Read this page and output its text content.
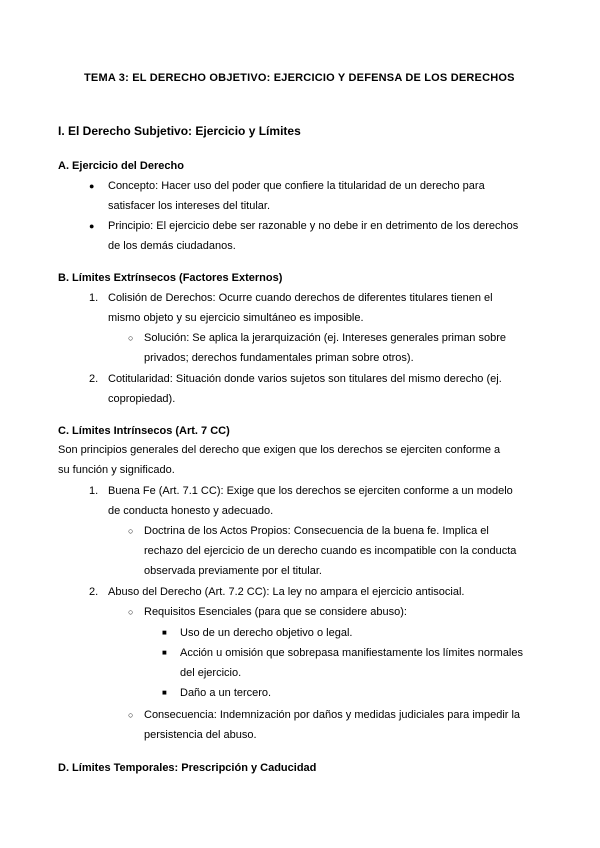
TEMA 3: EL DERECHO OBJETIVO: EJERCICIO Y DEFENSA DE LOS DERECHOS
I. El Derecho Subjetivo: Ejercicio y Límites
A. Ejercicio del Derecho
● Concepto: Hacer uso del poder que confiere la titularidad de un derecho para
satisfacer los intereses del titular.
● Principio: El ejercicio debe ser razonable y no debe ir en detrimento de los derechos
de los demás ciudadanos.
B. Límites Extrínsecos (Factores Externos)
1. Colisión de Derechos: Ocurre cuando derechos de diferentes titulares tienen el
mismo objeto y su ejercicio simultáneo es imposible.
○ Solución: Se aplica la jerarquización (ej. Intereses generales priman sobre
privados; derechos fundamentales priman sobre otros).
2. Cotitularidad: Situación donde varios sujetos son titulares del mismo derecho (ej.
copropiedad).
C. Límites Intrínsecos (Art. 7 CC)
Son principios generales del derecho que exigen que los derechos se ejerciten conforme a
su función y significado.
1. Buena Fe (Art. 7.1 CC): Exige que los derechos se ejerciten conforme a un modelo
de conducta honesto y adecuado.
○ Doctrina de los Actos Propios: Consecuencia de la buena fe. Implica el
rechazo del ejercicio de un derecho cuando es incompatible con la conducta
observada previamente por el titular.
2. Abuso del Derecho (Art. 7.2 CC): La ley no ampara el ejercicio antisocial.
○ Requisitos Esenciales (para que se considere abuso):
■ Uso de un derecho objetivo o legal.
■ Acción u omisión que sobrepasa manifiestamente los límites normales
del ejercicio.
■ Daño a un tercero.
○ Consecuencia: Indemnización por daños y medidas judiciales para impedir la
persistencia del abuso.
D. Límites Temporales: Prescripción y Caducidad
